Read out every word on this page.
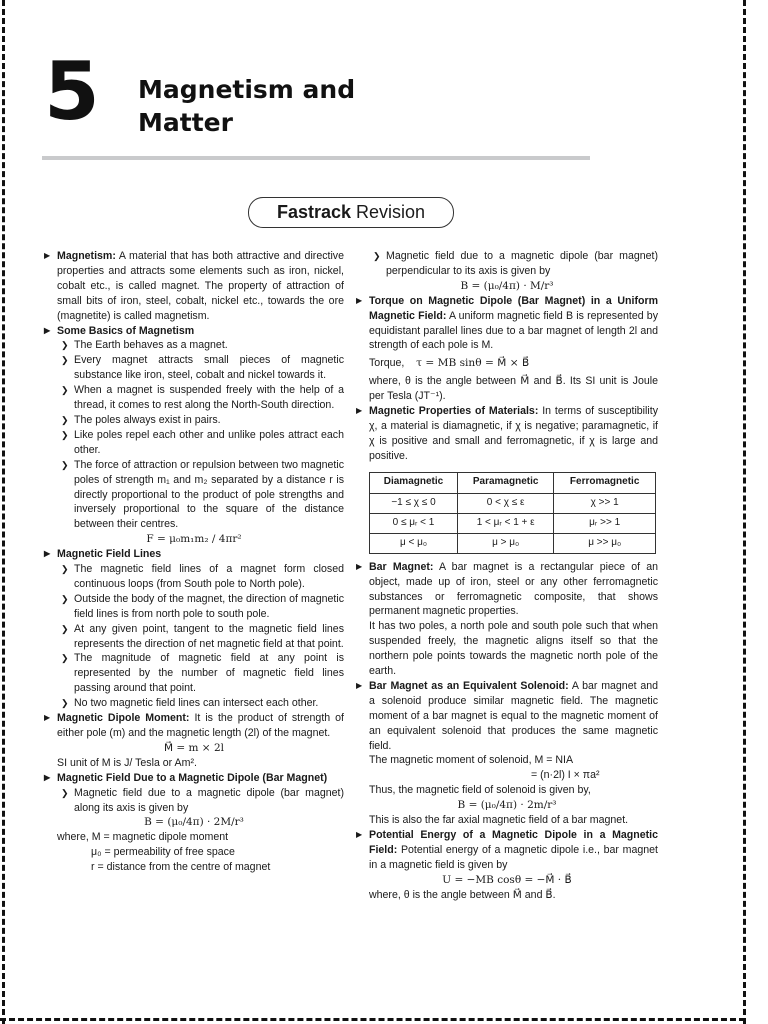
5 Magnetism and
Matter
Fastrack Revision

▶ Magnetism: A material that has both attractive and directive properties and attracts some elements such as iron, nickel, cobalt etc., is called magnet. The property of attraction of small bits of iron, steel, cobalt, nickel etc., towards the ore (magnetite) is called magnetism.

▶ Some Basics of Magnetism

❯ The Earth behaves as a magnet.

❯ Every magnet attracts small pieces of magnetic substance like iron, steel, cobalt and nickel towards it.

❯ When a magnet is suspended freely with the help of a thread, it comes to rest along the North-South direction.

❯ The poles always exist in pairs.

❯ Like poles repel each other and unlike poles attract each other.

❯ The force of attraction or repulsion between two magnetic poles of strength m₁ and m₂ separated by a distance r is directly proportional to the product of pole strengths and inversely proportional to the square of the distance between their centres.

F = μ₀m₁m₂ / 4πr²

▶ Magnetic Field Lines

❯ The magnetic field lines of a magnet form closed continuous loops (from South pole to North pole).

❯ Outside the body of the magnet, the direction of magnetic field lines is from north pole to south pole.

❯ At any given point, tangent to the magnetic field lines represents the direction of net magnetic field at that point.

❯ The magnitude of magnetic field at any point is represented by the number of magnetic field lines passing around that point.

❯ No two magnetic field lines can intersect each other.

▶ Magnetic Dipole Moment: It is the product of strength of either pole (m) and the magnetic length (2l) of the magnet.

M⃗ = m × 2l

SI unit of M is J/ Tesla or Am².

▶ Magnetic Field Due to a Magnetic Dipole (Bar Magnet)

❯ Magnetic field due to a magnetic dipole (bar magnet) along its axis is given by

B = (μ₀/4π) · 2M/r³

where, M = magnetic dipole moment

μ₀ = permeability of free space

r = distance from the centre of magnet

❯ Magnetic field due to a magnetic dipole (bar magnet) perpendicular to its axis is given by

B = (μ₀/4π) · M/r³

▶ Torque on Magnetic Dipole (Bar Magnet) in a Uniform Magnetic Field: A uniform magnetic field B is represented by equidistant parallel lines due to a bar magnet of length 2l and strength of each pole is M.

Torque, τ = MB sinθ = M⃗ × B⃗

where, θ is the angle between M⃗ and B⃗. Its SI unit is Joule per Tesla (JT⁻¹).

▶ Magnetic Properties of Materials: In terms of susceptibility χ, a material is diamagnetic, if χ is negative; paramagnetic, if χ is positive and small and ferromagnetic, if χ is large and positive.

Diamagnetic	Paramagnetic	Ferromagnetic
−1 ≤ χ ≤ 0	0 < χ ≤ ε	χ >> 1
0 ≤ μᵣ < 1	1 < μᵣ < 1 + ε	μᵣ >> 1
μ < μ₀	μ > μ₀	μ >> μ₀

▶ Bar Magnet: A bar magnet is a rectangular piece of an object, made up of iron, steel or any other ferromagnetic substances or ferromagnetic composite, that shows permanent magnetic properties.

It has two poles, a north pole and south pole such that when suspended freely, the magnetic aligns itself so that the northern pole points towards the magnetic north pole of the earth.

▶ Bar Magnet as an Equivalent Solenoid: A bar magnet and a solenoid produce similar magnetic field. The magnetic moment of a bar magnet is equal to the magnetic moment of an equivalent solenoid that produces the same magnetic field.

The magnetic moment of solenoid, M = NIA

= (n·2l) I × πa²

Thus, the magnetic field of solenoid is given by,

B = (μ₀/4π) · 2m/r³

This is also the far axial magnetic field of a bar magnet.

▶ Potential Energy of a Magnetic Dipole in a Magnetic Field: Potential energy of a magnetic dipole i.e., bar magnet in a magnetic field is given by

U = −MB cosθ = −M⃗ · B⃗

where, θ is the angle between M⃗ and B⃗.
